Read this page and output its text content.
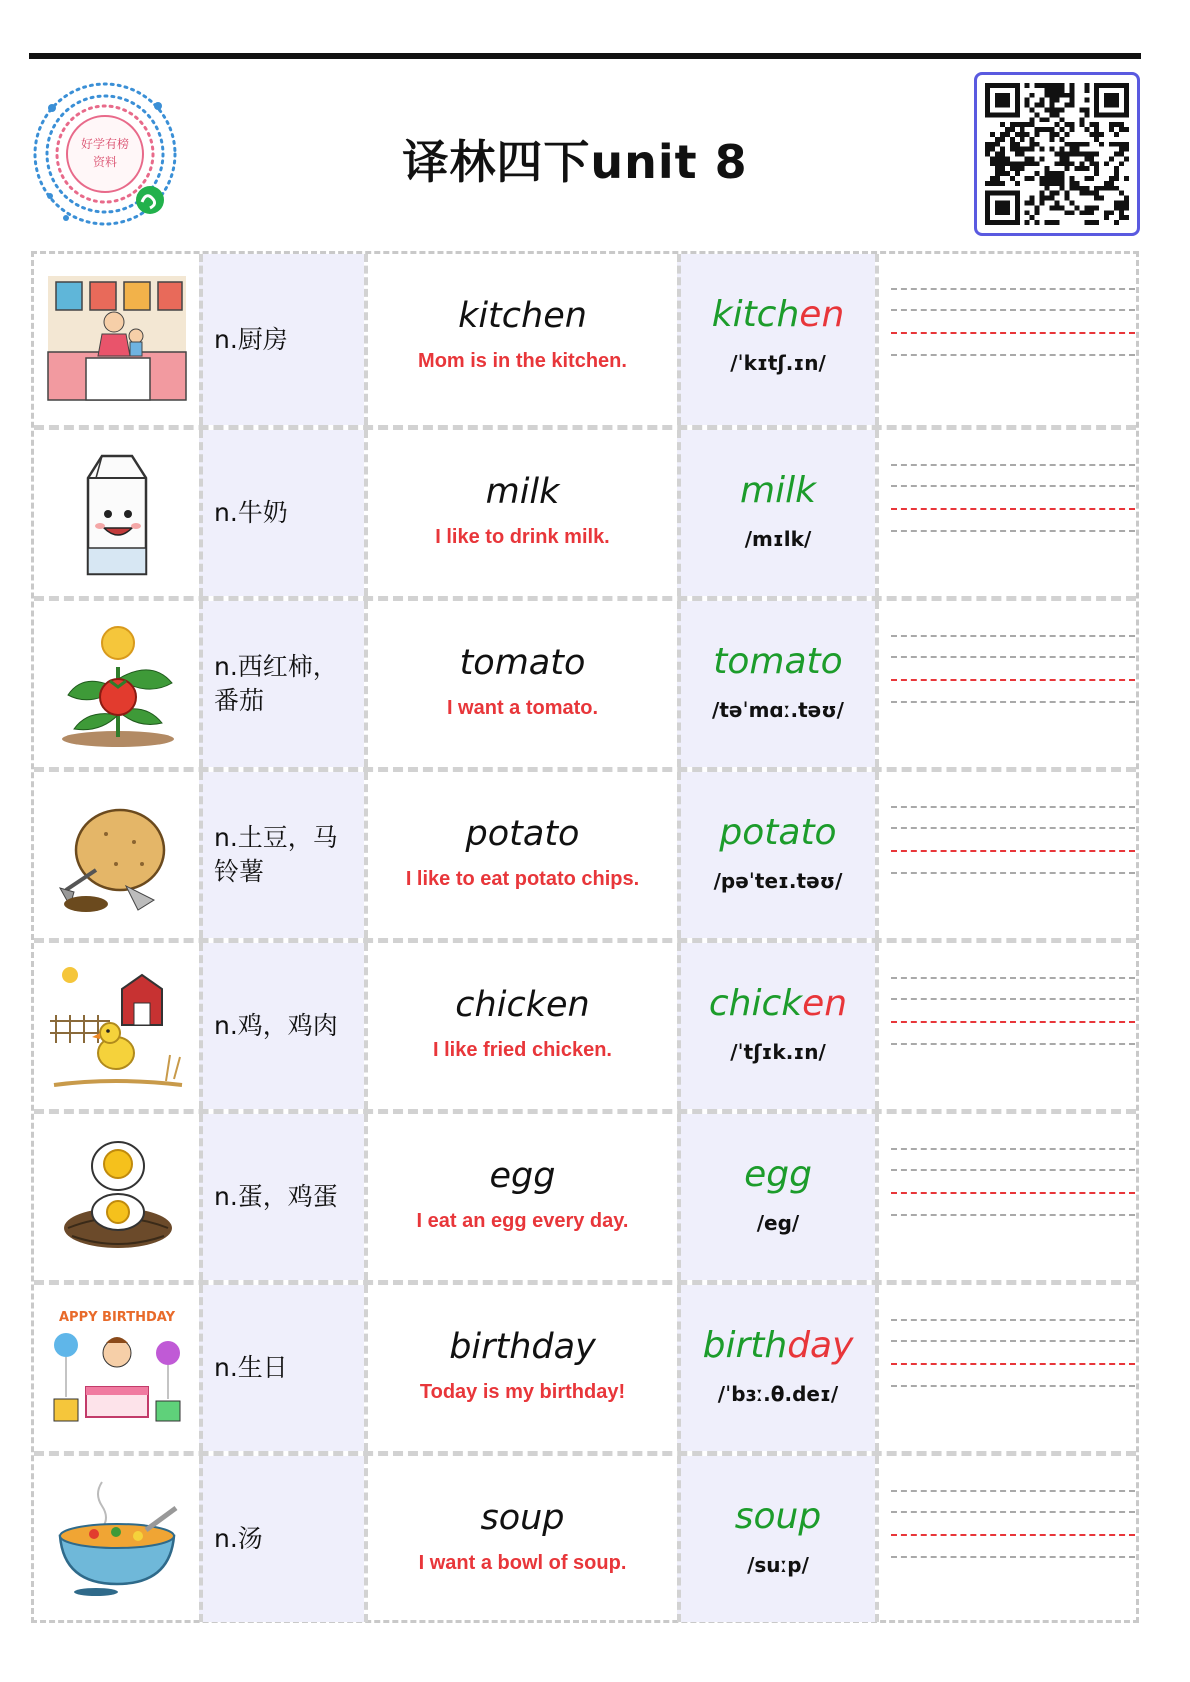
好学有榜
资料	译林四下unit 8
n.厨房
kitchen
Mom is in the kitchen.
kitchen
/ˈkɪtʃ.ɪn/
n.牛奶
milk
I like to drink milk.
milk
/mɪlk/
n.西红柿，番茄
tomato
I want a tomato.
tomato
/təˈmɑː.təʊ/
n.土豆，马铃薯
potato
I like to eat potato chips.
potato
/pəˈteɪ.təʊ/
n.鸡，鸡肉
chicken
I like fried chicken.
chicken
/ˈtʃɪk.ɪn/
n.蛋，鸡蛋
egg
I eat an egg every day.
egg
/eg/
APPY BIRTHDAY
n.生日
birthday
Today is my birthday!
birthday
/ˈbɜː.θ.deɪ/
n.汤
soup
I want a bowl of soup.
soup
/suːp/
